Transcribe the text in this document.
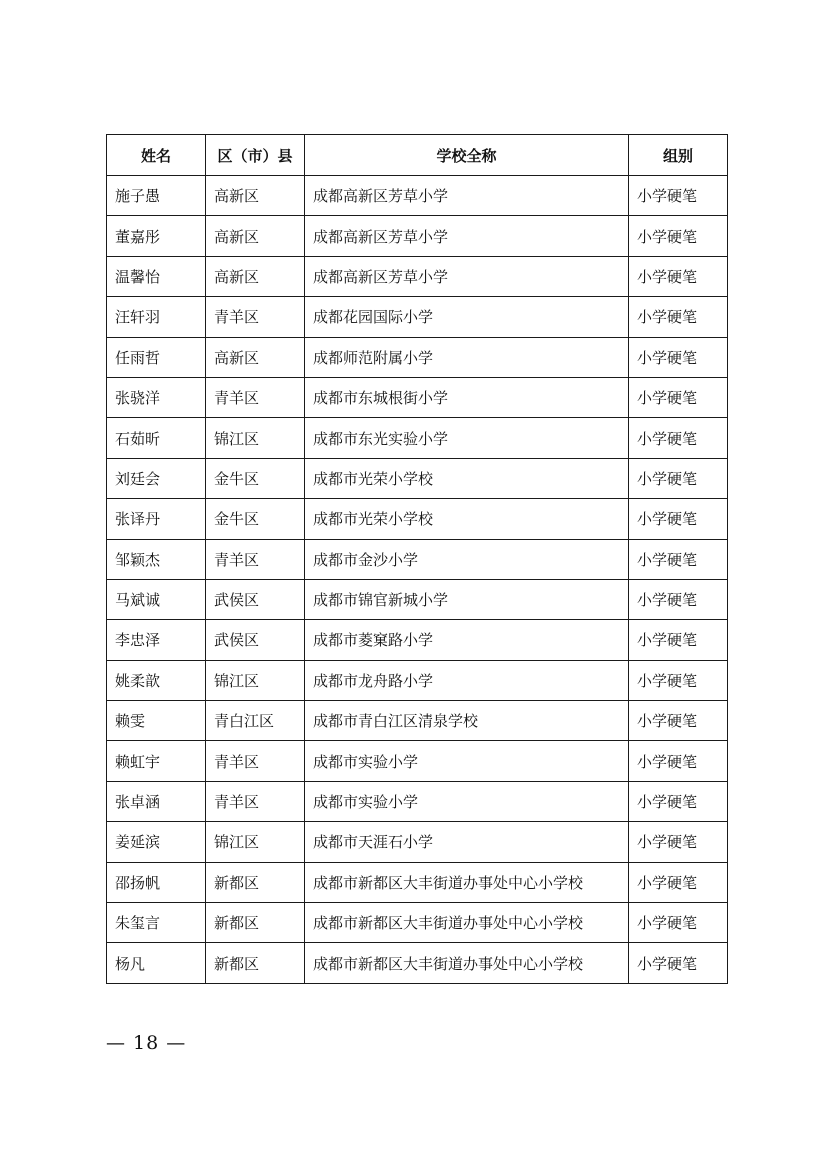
姓名	区（市）县	学校全称	组别
施子愚	高新区	成都高新区芳草小学	小学硬笔
董嘉彤	高新区	成都高新区芳草小学	小学硬笔
温馨怡	高新区	成都高新区芳草小学	小学硬笔
汪轩羽	青羊区	成都花园国际小学	小学硬笔
任雨哲	高新区	成都师范附属小学	小学硬笔
张骁洋	青羊区	成都市东城根街小学	小学硬笔
石茹昕	锦江区	成都市东光实验小学	小学硬笔
刘廷会	金牛区	成都市光荣小学校	小学硬笔
张译丹	金牛区	成都市光荣小学校	小学硬笔
邹颖杰	青羊区	成都市金沙小学	小学硬笔
马斌诚	武侯区	成都市锦官新城小学	小学硬笔
李忠泽	武侯区	成都市菱窠路小学	小学硬笔
姚柔歆	锦江区	成都市龙舟路小学	小学硬笔
赖雯	青白江区	成都市青白江区清泉学校	小学硬笔
赖虹宇	青羊区	成都市实验小学	小学硬笔
张卓涵	青羊区	成都市实验小学	小学硬笔
姜延滨	锦江区	成都市天涯石小学	小学硬笔
邵扬帆	新都区	成都市新都区大丰街道办事处中心小学校	小学硬笔
朱玺言	新都区	成都市新都区大丰街道办事处中心小学校	小学硬笔
杨凡	新都区	成都市新都区大丰街道办事处中心小学校	小学硬笔
— 18 —
